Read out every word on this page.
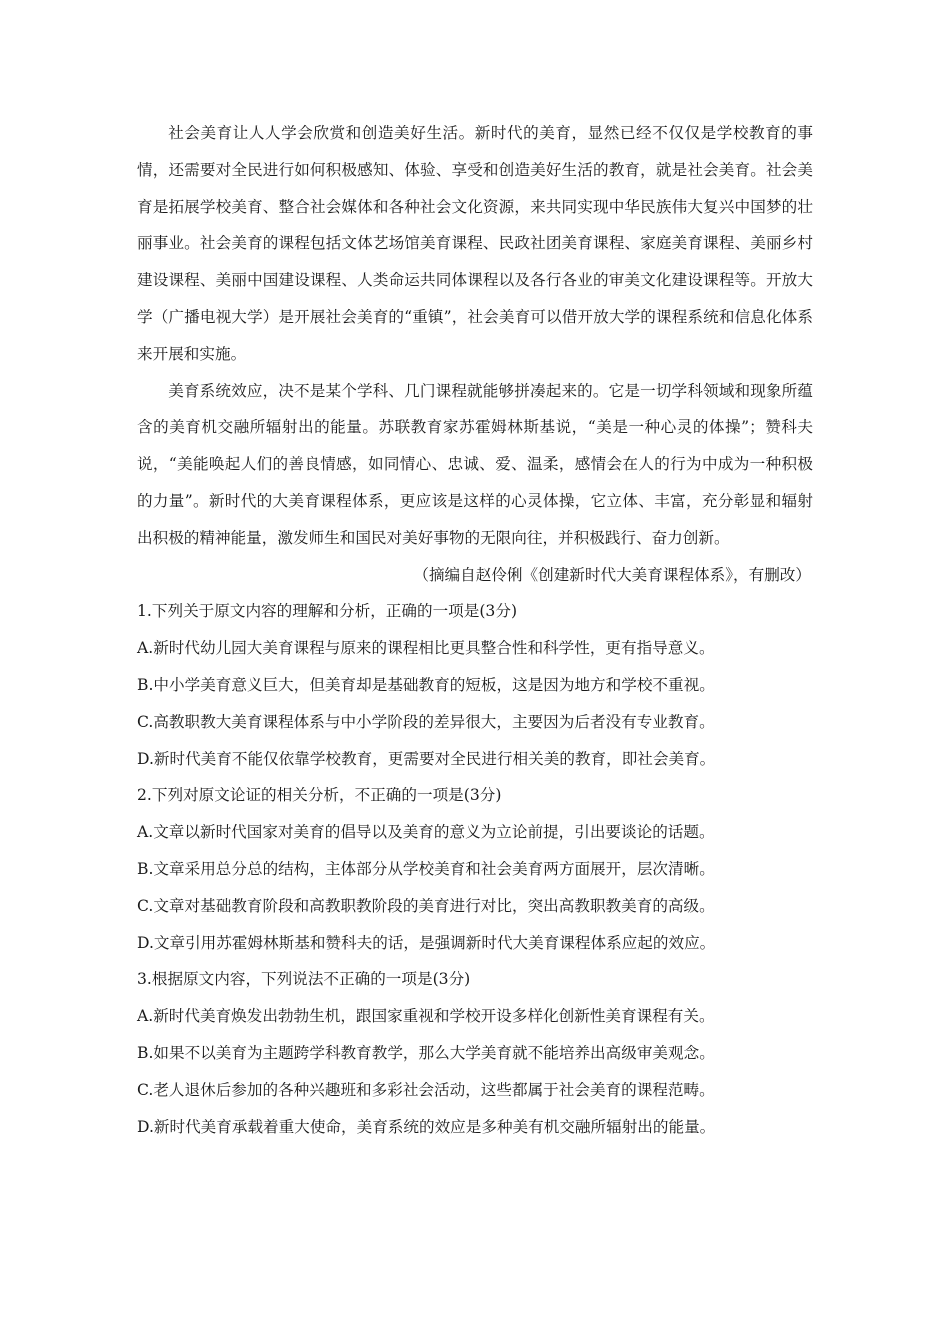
社会美育让人人学会欣赏和创造美好生活。新时代的美育，显然已经不仅仅是学校教育的事情，还需要对全民进行如何积极感知、体验、享受和创造美好生活的教育，就是社会美育。社会美育是拓展学校美育、整合社会媒体和各种社会文化资源，来共同实现中华民族伟大复兴中国梦的壮丽事业。社会美育的课程包括文体艺场馆美育课程、民政社团美育课程、家庭美育课程、美丽乡村建设课程、美丽中国建设课程、人类命运共同体课程以及各行各业的审美文化建设课程等。开放大学（广播电视大学）是开展社会美育的“重镇”，社会美育可以借开放大学的课程系统和信息化体系来开展和实施。

美育系统效应，决不是某个学科、几门课程就能够拼凑起来的。它是一切学科领域和现象所蕴含的美育机交融所辐射出的能量。苏联教育家苏霍姆林斯基说，“美是一种心灵的体操”；赞科夫说，“美能唤起人们的善良情感，如同情心、忠诚、爱、温柔，感情会在人的行为中成为一种积极的力量”。新时代的大美育课程体系，更应该是这样的心灵体操，它立体、丰富，充分彰显和辐射出积极的精神能量，激发师生和国民对美好事物的无限向往，并积极践行、奋力创新。

（摘编自赵伶俐《创建新时代大美育课程体系》，有删改）

1.下列关于原文内容的理解和分析，正确的一项是(3分)

A.新时代幼儿园大美育课程与原来的课程相比更具整合性和科学性，更有指导意义。

B.中小学美育意义巨大，但美育却是基础教育的短板，这是因为地方和学校不重视。

C.高教职教大美育课程体系与中小学阶段的差异很大，主要因为后者没有专业教育。

D.新时代美育不能仅依靠学校教育，更需要对全民进行相关美的教育，即社会美育。

2.下列对原文论证的相关分析，不正确的一项是(3分)

A.文章以新时代国家对美育的倡导以及美育的意义为立论前提，引出要谈论的话题。

B.文章采用总分总的结构，主体部分从学校美育和社会美育两方面展开，层次清晰。

C.文章对基础教育阶段和高教职教阶段的美育进行对比，突出高教职教美育的高级。

D.文章引用苏霍姆林斯基和赞科夫的话，是强调新时代大美育课程体系应起的效应。

3.根据原文内容，下列说法不正确的一项是(3分)

A.新时代美育焕发出勃勃生机，跟国家重视和学校开设多样化创新性美育课程有关。

B.如果不以美育为主题跨学科教育教学，那么大学美育就不能培养出高级审美观念。

C.老人退休后参加的各种兴趣班和多彩社会活动，这些都属于社会美育的课程范畴。

D.新时代美育承载着重大使命，美育系统的效应是多种美有机交融所辐射出的能量。
